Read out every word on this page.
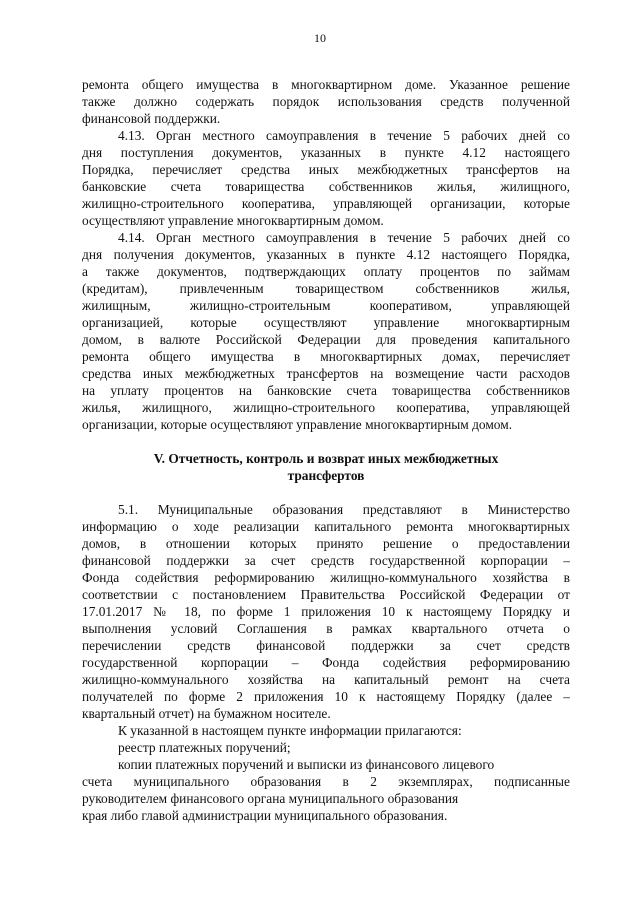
10
ремонта общего имущества в многоквартирном доме. Указанное решение
также должно содержать порядок использования средств полученной
финансовой поддержки.
4.13. Орган местного самоуправления в течение 5 рабочих дней со
дня поступления документов, указанных в пункте 4.12 настоящего
Порядка, перечисляет средства иных межбюджетных трансфертов на
банковские счета товарищества собственников жилья, жилищного,
жилищно-строительного кооператива, управляющей организации, которые
осуществляют управление многоквартирным домом.
4.14. Орган местного самоуправления в течение 5 рабочих дней со
дня получения документов, указанных в пункте 4.12 настоящего Порядка,
а также документов, подтверждающих оплату процентов по займам
(кредитам), привлеченным товариществом собственников жилья,
жилищным, жилищно-строительным кооперативом, управляющей
организацией, которые осуществляют управление многоквартирным
домом, в валюте Российской Федерации для проведения капитального
ремонта общего имущества в многоквартирных домах, перечисляет
средства иных межбюджетных трансфертов на возмещение части расходов
на уплату процентов на банковские счета товарищества собственников
жилья, жилищного, жилищно-строительного кооператива, управляющей
организации, которые осуществляют управление многоквартирным домом.
V. Отчетность, контроль и возврат иных межбюджетных
трансфертов
5.1. Муниципальные образования представляют в Министерство
информацию о ходе реализации капитального ремонта многоквартирных
домов, в отношении которых принято решение о предоставлении
финансовой поддержки за счет средств государственной корпорации –
Фонда содействия реформированию жилищно-коммунального хозяйства в
соответствии с постановлением Правительства Российской Федерации от
17.01.2017 № 18, по форме 1 приложения 10 к настоящему Порядку и
выполнения условий Соглашения в рамках квартального отчета о
перечислении средств финансовой поддержки за счет средств
государственной корпорации – Фонда содействия реформированию
жилищно-коммунального хозяйства на капитальный ремонт на счета
получателей по форме 2 приложения 10 к настоящему Порядку (далее –
квартальный отчет) на бумажном носителе.
К указанной в настоящем пункте информации прилагаются:
реестр платежных поручений;
копии платежных поручений и выписки из финансового лицевого
счета муниципального образования в 2 экземплярах, подписанные
руководителем финансового органа муниципального образования
края либо главой администрации муниципального образования.
